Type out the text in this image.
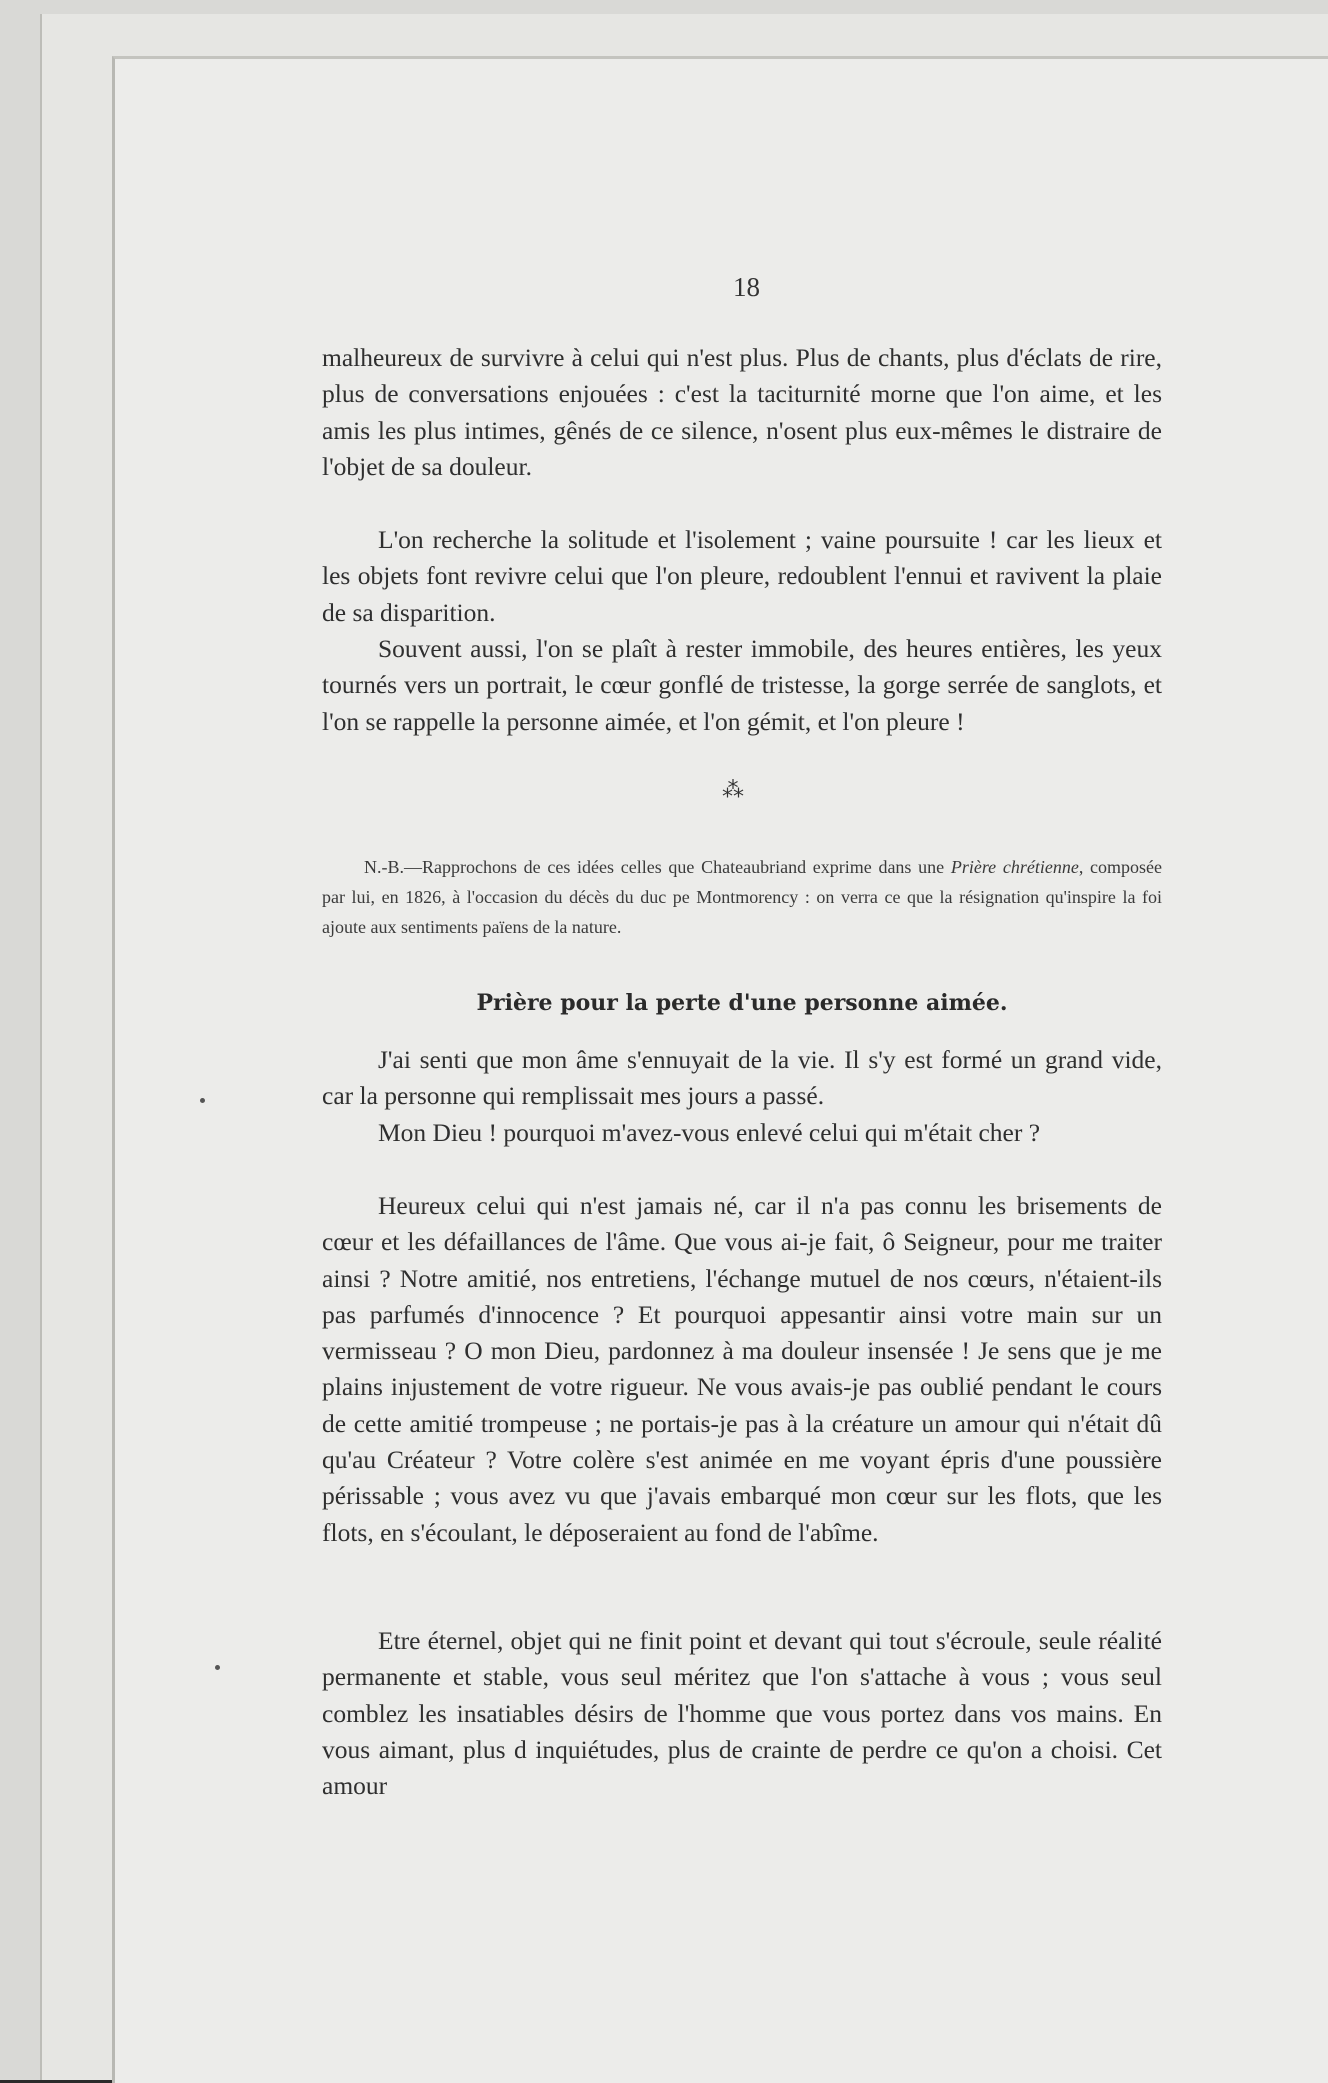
18

malheureux de survivre à celui qui n'est plus. Plus de chants, plus d'éclats de rire, plus de conversations enjouées : c'est la taciturnité morne que l'on aime, et les amis les plus intimes, gênés de ce silence, n'osent plus eux-mêmes le distraire de l'objet de sa douleur.

L'on recherche la solitude et l'isolement ; vaine poursuite ! car les lieux et les objets font revivre celui que l'on pleure, redoublent l'ennui et ravivent la plaie de sa disparition.

Souvent aussi, l'on se plaît à rester immobile, des heures entières, les yeux tournés vers un portrait, le cœur gonflé de tristesse, la gorge serrée de sanglots, et l'on se rappelle la personne aimée, et l'on gémit, et l'on pleure !

⁂

N.-B.—Rapprochons de ces idées celles que Chateaubriand exprime dans une Prière chrétienne, composée par lui, en 1826, à l'occasion du décès du duc pe Montmorency : on verra ce que la résignation qu'inspire la foi ajoute aux sentiments païens de la nature.

Prière pour la perte d'une personne aimée.

J'ai senti que mon âme s'ennuyait de la vie. Il s'y est formé un grand vide, car la personne qui remplissait mes jours a passé.

Mon Dieu ! pourquoi m'avez-vous enlevé celui qui m'était cher ?

Heureux celui qui n'est jamais né, car il n'a pas connu les brisements de cœur et les défaillances de l'âme. Que vous ai-je fait, ô Seigneur, pour me traiter ainsi ? Notre amitié, nos entretiens, l'échange mutuel de nos cœurs, n'étaient-ils pas parfumés d'innocence ? Et pourquoi appesantir ainsi votre main sur un vermisseau ? O mon Dieu, pardonnez à ma douleur insensée ! Je sens que je me plains injustement de votre rigueur. Ne vous avais-je pas oublié pendant le cours de cette amitié trompeuse ; ne portais-je pas à la créature un amour qui n'était dû qu'au Créateur ? Votre colère s'est animée en me voyant épris d'une poussière périssable ; vous avez vu que j'avais embarqué mon cœur sur les flots, que les flots, en s'écoulant, le déposeraient au fond de l'abîme.

Etre éternel, objet qui ne finit point et devant qui tout s'écroule, seule réalité permanente et stable, vous seul méritez que l'on s'attache à vous ; vous seul comblez les insatiables désirs de l'homme que vous portez dans vos mains. En vous aimant, plus d inquiétudes, plus de crainte de perdre ce qu'on a choisi. Cet amour
